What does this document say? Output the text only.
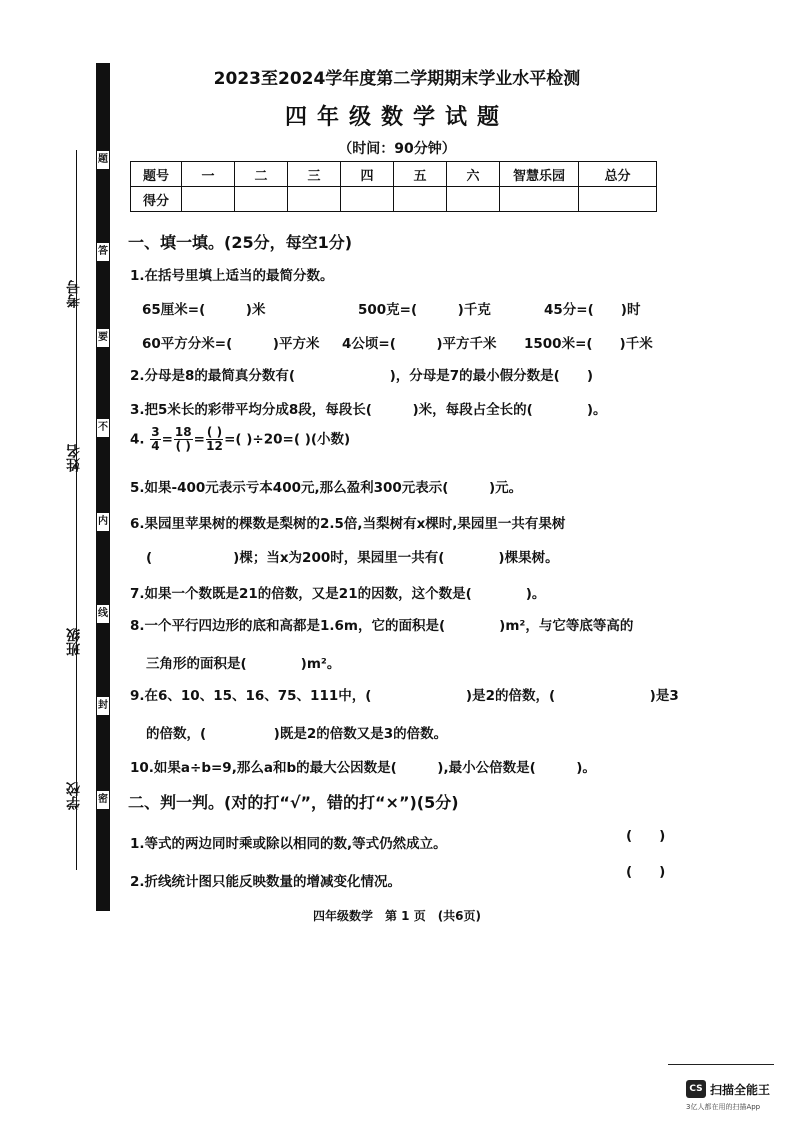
考号
姓名
班级
学校
题
答
要
不
内
线
封
密
2023至2024学年度第二学期期末学业水平检测
四年级数学试题
（时间：90分钟）
题号	一	二	三	四	五	六	智慧乐园	总分
得分								
一、填一填。(25分，每空1分)
1.在括号里填上适当的最简分数。
65厘米=(　　　)米	500克=(　　　)千克	45分=(　　)时
60平方分米=(　　　)平方米 4公顷=(　　　)平方千米 1500米=(　　)千米
2.分母是8的最简真分数有(　　　　　　　)，分母是7的最小假分数是(　　)
3.把5米长的彩带平均分成8段，每段长(　　　)米，每段占全长的(　　　　)。
4. $\frac{3}{4} = \frac{18}{( )} = \frac{( )}{12}$ =( )÷20=( )(小数)
5.如果-400元表示亏本400元,那么盈利300元表示(　　　)元。
6.果园里苹果树的棵数是梨树的2.5倍,当梨树有x棵时,果园里一共有果树
(　　　　　　)棵；当x为200时，果园里一共有(　　　　)棵果树。
7.如果一个数既是21的倍数，又是21的因数，这个数是(　　　　)。
8.一个平行四边形的底和高都是1.6m，它的面积是(　　　　)m²，与它等底等高的
三角形的面积是(　　　　)m²。
9.在6、10、15、16、75、111中，(　　　　　　　)是2的倍数，(　　　　　　　)是3
的倍数，(　　　　　)既是2的倍数又是3的倍数。
10.如果a÷b=9,那么a和b的最大公因数是(　　　),最小公倍数是(　　　)。
二、判一判。(对的打“√”，错的打“×”)(5分)
1.等式的两边同时乘或除以相同的数,等式仍然成立。	(　　)
2.折线统计图只能反映数量的增减变化情况。
(　　)
四年级数学　第 1 页　(共6页)
CS 扫描全能王
3亿人都在用的扫描App
